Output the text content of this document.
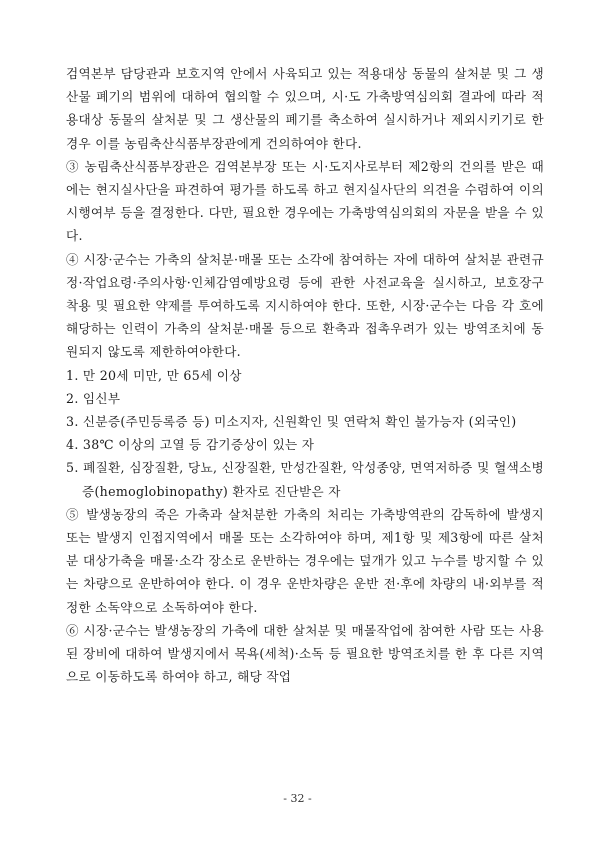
검역본부 담당관과 보호지역 안에서 사육되고 있는 적용대상 동물의 살처분 및 그 생산물 폐기의 범위에 대하여 협의할 수 있으며, 시·도 가축방역심의회 결과에 따라 적용대상 동물의 살처분 및 그 생산물의 폐기를 축소하여 실시하거나 제외시키기로 한 경우 이를 농림축산식품부장관에게 건의하여야 한다.

③ 농림축산식품부장관은 검역본부장 또는 시·도지사로부터 제2항의 건의를 받은 때에는 현지실사단을 파견하여 평가를 하도록 하고 현지실사단의 의견을 수렴하여 이의 시행여부 등을 결정한다. 다만, 필요한 경우에는 가축방역심의회의 자문을 받을 수 있다.

④ 시장·군수는 가축의 살처분·매몰 또는 소각에 참여하는 자에 대하여 살처분 관련규정·작업요령·주의사항·인체감염예방요령 등에 관한 사전교육을 실시하고, 보호장구 착용 및 필요한 약제를 투여하도록 지시하여야 한다. 또한, 시장·군수는 다음 각 호에 해당하는 인력이 가축의 살처분·매몰 등으로 환축과 접촉우려가 있는 방역조치에 동원되지 않도록 제한하여야한다.

1. 만 20세 미만, 만 65세 이상
2. 임신부
3. 신분증(주민등록증 등) 미소지자, 신원확인 및 연락처 확인 불가능자 (외국인)
4. 38℃ 이상의 고열 등 감기증상이 있는 자
5. 폐질환, 심장질환, 당뇨, 신장질환, 만성간질환, 악성종양, 면역저하증 및 혈색소병증(hemoglobinopathy) 환자로 진단받은 자

⑤ 발생농장의 죽은 가축과 살처분한 가축의 처리는 가축방역관의 감독하에 발생지 또는 발생지 인접지역에서 매몰 또는 소각하여야 하며, 제1항 및 제3항에 따른 살처분 대상가축을 매몰·소각 장소로 운반하는 경우에는 덮개가 있고 누수를 방지할 수 있는 차량으로 운반하여야 한다. 이 경우 운반차량은 운반 전·후에 차량의 내·외부를 적정한 소독약으로 소독하여야 한다.

⑥ 시장·군수는 발생농장의 가축에 대한 살처분 및 매몰작업에 참여한 사람 또는 사용된 장비에 대하여 발생지에서 목욕(세척)·소독 등 필요한 방역조치를 한 후 다른 지역으로 이동하도록 하여야 하고, 해당 작업

- 32 -
